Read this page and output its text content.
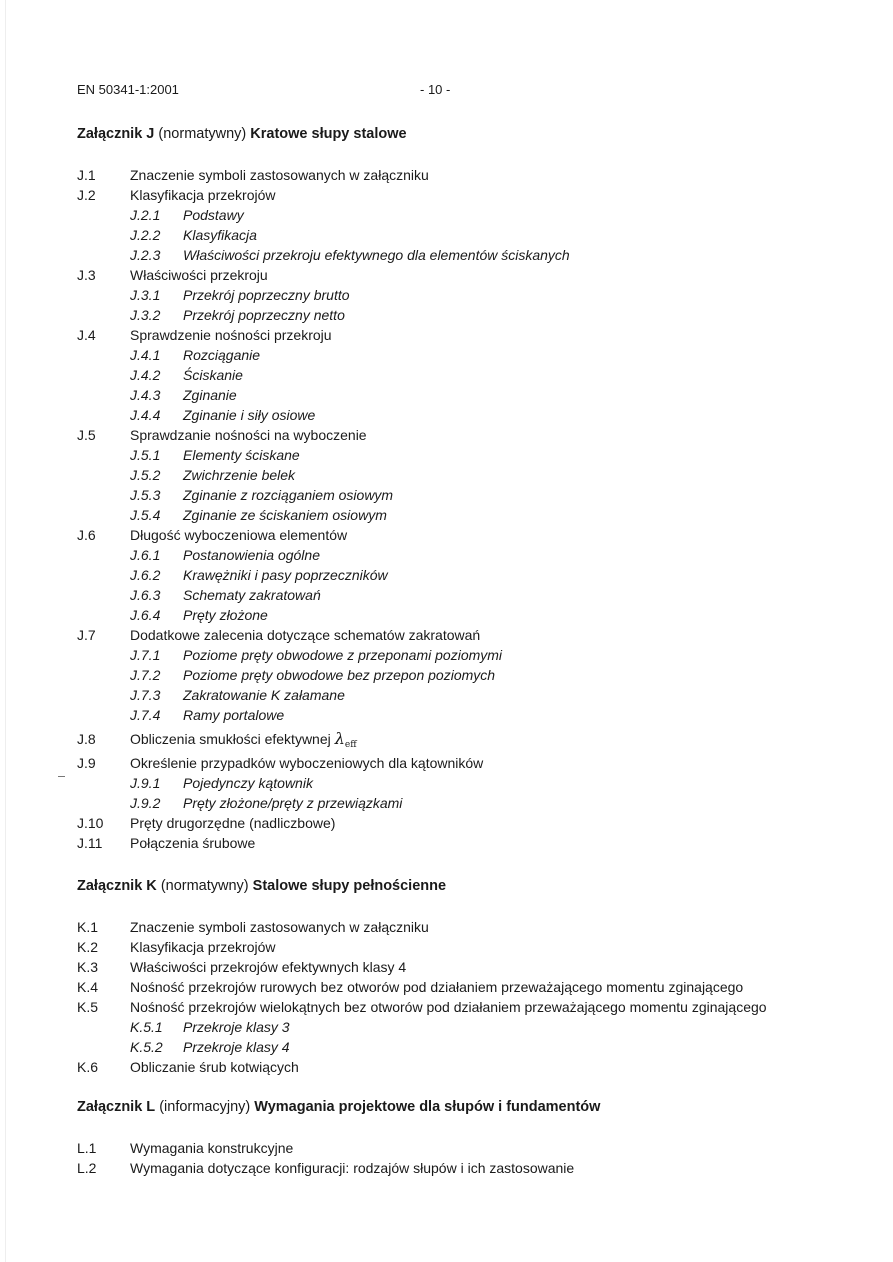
EN 50341-1:2001	- 10 -
Załącznik J (normatywny) Kratowe słupy stalowe
J.1 Znaczenie symboli zastosowanych w załączniku
J.2 Klasyfikacja przekrojów
J.2.1 Podstawy
J.2.2 Klasyfikacja
J.2.3 Właściwości przekroju efektywnego dla elementów ściskanych
J.3 Właściwości przekroju
J.3.1 Przekrój poprzeczny brutto
J.3.2 Przekrój poprzeczny netto
J.4 Sprawdzenie nośności przekroju
J.4.1 Rozciąganie
J.4.2 Ściskanie
J.4.3 Zginanie
J.4.4 Zginanie i siły osiowe
J.5 Sprawdzanie nośności na wyboczenie
J.5.1 Elementy ściskane
J.5.2 Zwichrzenie belek
J.5.3 Zginanie z rozciąganiem osiowym
J.5.4 Zginanie ze ściskaniem osiowym
J.6 Długość wyboczeniowa elementów
J.6.1 Postanowienia ogólne
J.6.2 Krawężniki i pasy poprzeczników
J.6.3 Schematy zakratowań
J.6.4 Pręty złożone
J.7 Dodatkowe zalecenia dotyczące schematów zakratowań
J.7.1 Poziome pręty obwodowe z przeponami poziomymi
J.7.2 Poziome pręty obwodowe bez przepon poziomych
J.7.3 Zakratowanie K załamane
J.7.4 Ramy portalowe
J.8 Obliczenia smukłości efektywnej $\lambda_{eff}$
J.9 Określenie przypadków wyboczeniowych dla kątowników
J.9.1 Pojedynczy kątownik
J.9.2 Pręty złożone/pręty z przewiązkami
J.10 Pręty drugorzędne (nadliczbowe)
J.11 Połączenia śrubowe
Załącznik K (normatywny) Stalowe słupy pełnościenne
K.1 Znaczenie symboli zastosowanych w załączniku
K.2 Klasyfikacja przekrojów
K.3 Właściwości przekrojów efektywnych klasy 4
K.4 Nośność przekrojów rurowych bez otworów pod działaniem przeważającego momentu zginającego
K.5 Nośność przekrojów wielokątnych bez otworów pod działaniem przeważającego momentu zginającego
K.5.1 Przekroje klasy 3
K.5.2 Przekroje klasy 4
K.6 Obliczanie śrub kotwiących
Załącznik L (informacyjny) Wymagania projektowe dla słupów i fundamentów
L.1 Wymagania konstrukcyjne
L.2 Wymagania dotyczące konfiguracji: rodzajów słupów i ich zastosowanie
